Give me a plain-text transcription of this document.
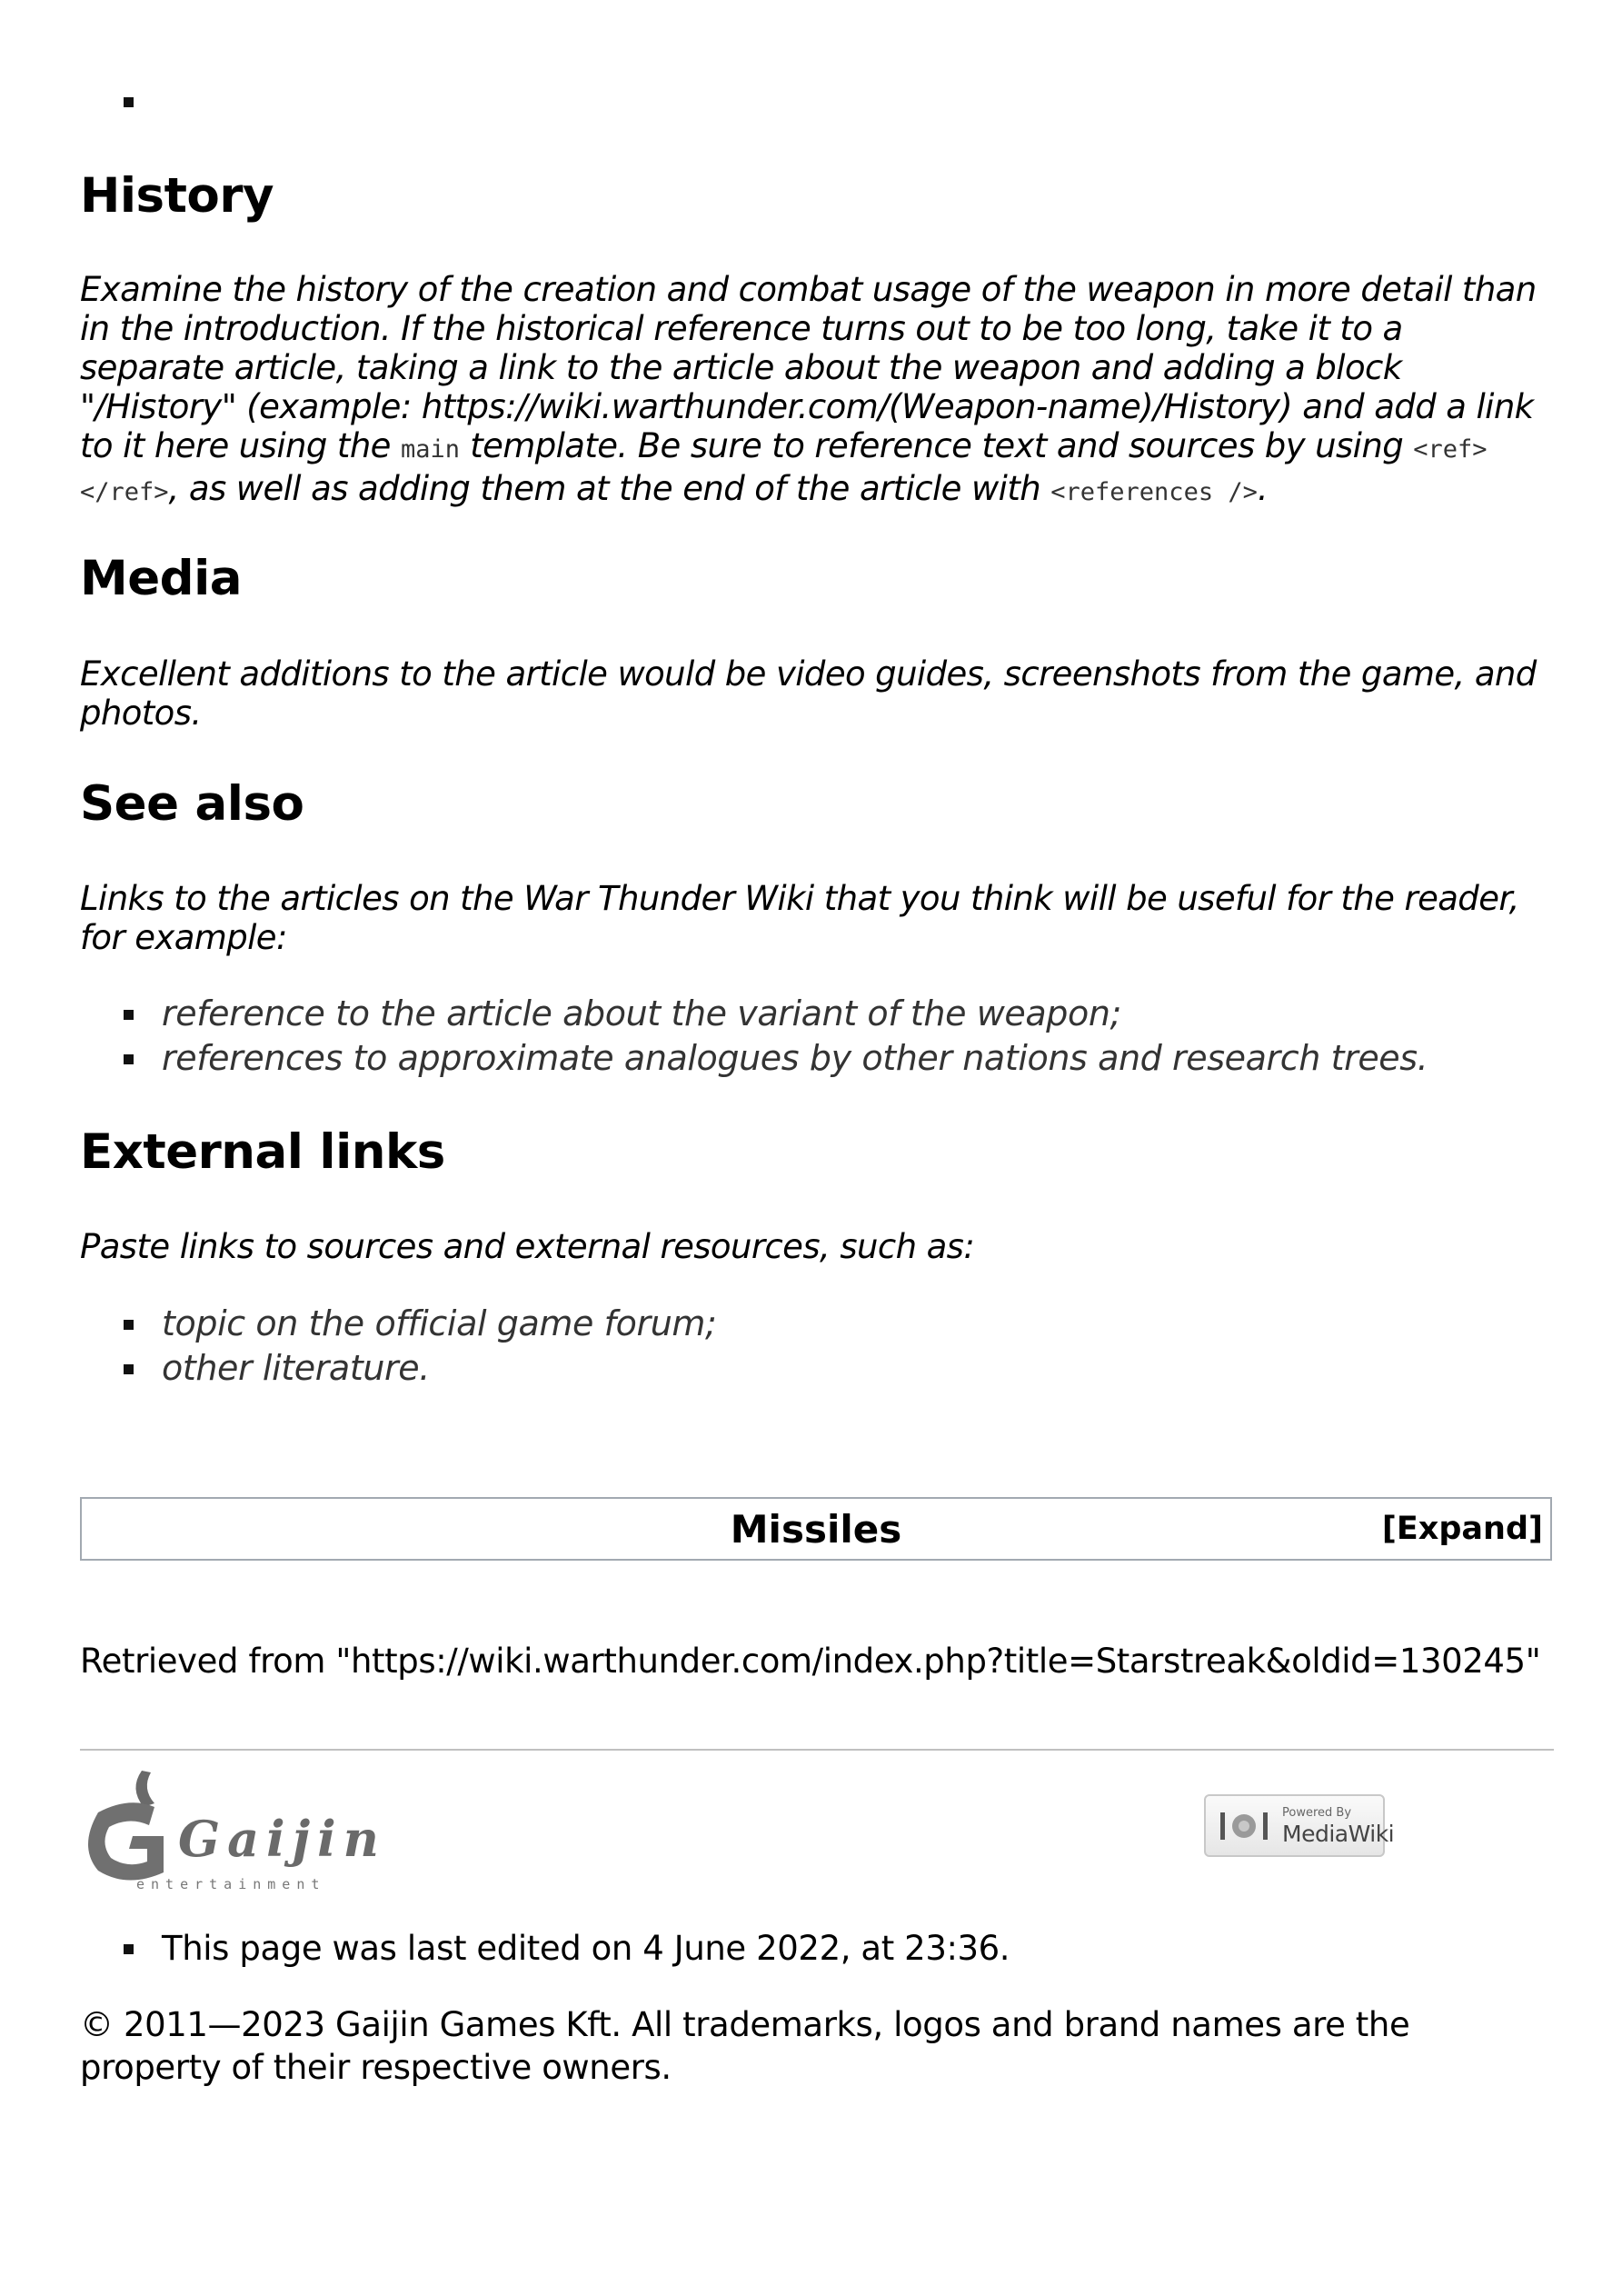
History

Examine the history of the creation and combat usage of the weapon in more detail than in the introduction. If the historical reference turns out to be too long, take it to a separate article, taking a link to the article about the weapon and adding a block "/History" (example: https://wiki.warthunder.com/(Weapon-name)/History) and add a link to it here using the main template. Be sure to reference text and sources by using <ref></ref>, as well as adding them at the end of the article with <references />.

Media

Excellent additions to the article would be video guides, screenshots from the game, and photos.

See also

Links to the articles on the War Thunder Wiki that you think will be useful for the reader, for example:

reference to the article about the variant of the weapon;
references to approximate analogues by other nations and research trees.
External links

Paste links to sources and external resources, such as:

topic on the official game forum;
other literature.
Missiles	[Expand]
Retrieved from "https://wiki.warthunder.com/index.php?title=Starstreak&oldid=130245"
Gaijin
entertainment
Powered By
MediaWiki
This page was last edited on 4 June 2022, at 23:36.
© 2011—2023 Gaijin Games Kft. All trademarks, logos and brand names are the property of their respective owners.
